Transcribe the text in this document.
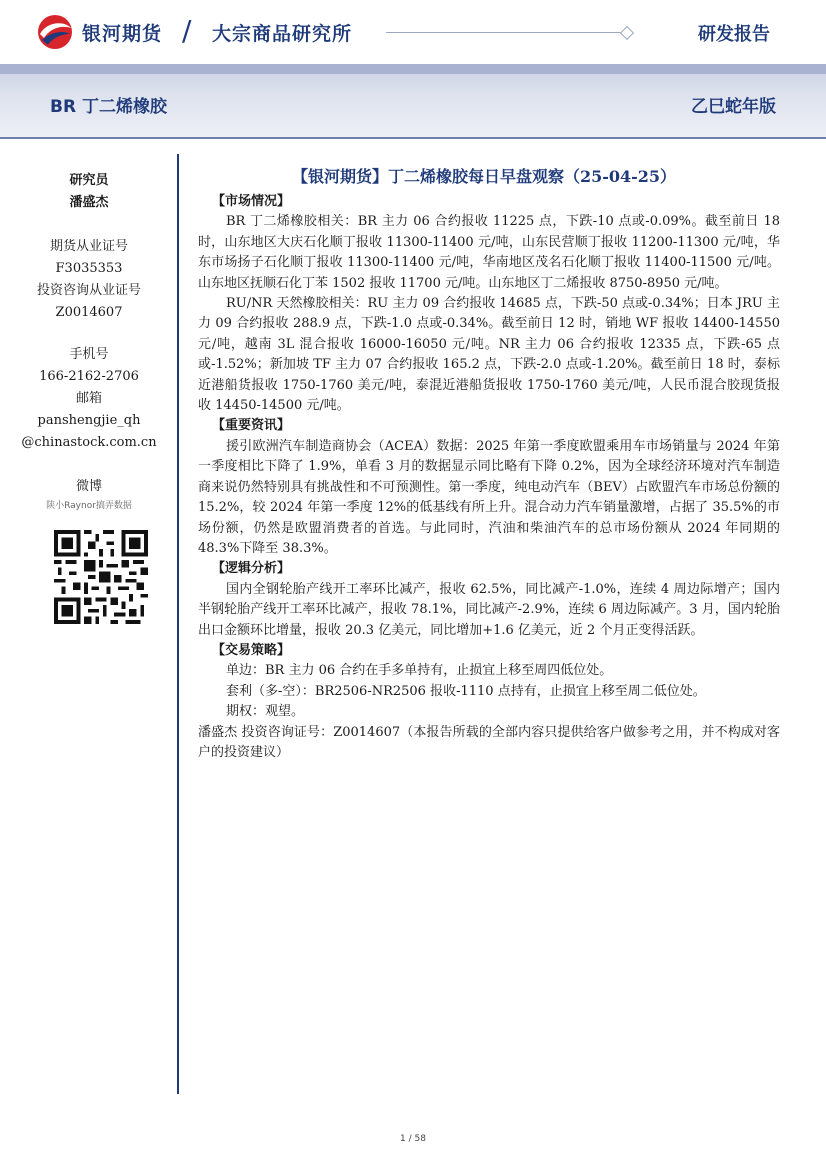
银河期货 / 大宗商品研究所	研发报告
BR 丁二烯橡胶	乙巳蛇年版
研究员
潘盛杰
期货从业证号
F3035353
投资咨询从业证号
Z0014607
手机号
166-2162-2706
邮箱
panshengjie_qh
@chinastock.com.cn
微博
陕小Raynor搞弄数据
【银河期货】丁二烯橡胶每日早盘观察（25-04-25）
【市场情况】

BR 丁二烯橡胶相关：BR 主力 06 合约报收 11225 点，下跌-10 点或-0.09%。截至前日 18 时，山东地区大庆石化顺丁报收 11300-11400 元/吨，山东民营顺丁报收 11200-11300 元/吨，华东市场扬子石化顺丁报收 11300-11400 元/吨，华南地区茂名石化顺丁报收 11400-11500 元/吨。山东地区抚顺石化丁苯 1502 报收 11700 元/吨。山东地区丁二烯报收 8750-8950 元/吨。

RU/NR 天然橡胶相关：RU 主力 09 合约报收 14685 点，下跌-50 点或-0.34%；日本 JRU 主力 09 合约报收 288.9 点，下跌-1.0 点或-0.34%。截至前日 12 时，销地 WF 报收 14400-14550 元/吨，越南 3L 混合报收 16000-16050 元/吨。NR 主力 06 合约报收 12335 点，下跌-65 点或-1.52%；新加坡 TF 主力 07 合约报收 165.2 点，下跌-2.0 点或-1.20%。截至前日 18 时，泰标近港船货报收 1750-1760 美元/吨，泰混近港船货报收 1750-1760 美元/吨，人民币混合胶现货报收 14450-14500 元/吨。

【重要资讯】

援引欧洲汽车制造商协会（ACEA）数据：2025 年第一季度欧盟乘用车市场销量与 2024 年第一季度相比下降了 1.9%，单看 3 月的数据显示同比略有下降 0.2%，因为全球经济环境对汽车制造商来说仍然特别具有挑战性和不可预测性。第一季度，纯电动汽车（BEV）占欧盟汽车市场总份额的 15.2%，较 2024 年第一季度 12%的低基线有所上升。混合动力汽车销量激增，占据了 35.5%的市场份额，仍然是欧盟消费者的首选。与此同时，汽油和柴油汽车的总市场份额从 2024 年同期的 48.3%下降至 38.3%。

【逻辑分析】

国内全钢轮胎产线开工率环比减产，报收 62.5%，同比减产-1.0%，连续 4 周边际增产；国内半钢轮胎产线开工率环比减产，报收 78.1%，同比减产-2.9%，连续 6 周边际减产。3 月，国内轮胎出口金额环比增量，报收 20.3 亿美元，同比增加+1.6 亿美元，近 2 个月正变得活跃。

【交易策略】

单边：BR 主力 06 合约在手多单持有，止损宜上移至周四低位处。

套利（多-空）：BR2506-NR2506 报收-1110 点持有，止损宜上移至周二低位处。

期权：观望。

潘盛杰 投资咨询证号：Z0014607（本报告所载的全部内容只提供给客户做参考之用，并不构成对客户的投资建议）

1 / 58
